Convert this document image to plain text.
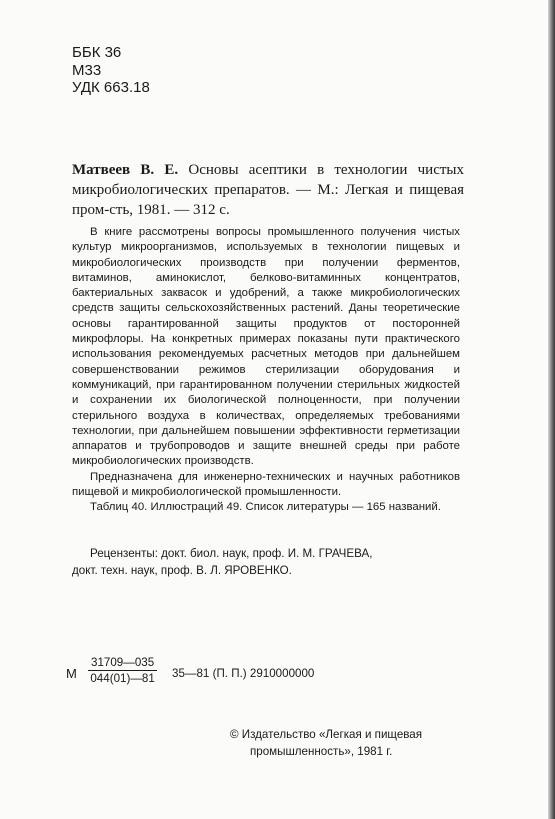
ББК 36
М33
УДК 663.18
Матвеев В. Е. Основы асептики в технологии чистых микробиологических препаратов. — М.: Легкая и пищевая пром-сть, 1981. — 312 с.

В книге рассмотрены вопросы промышленного получения чистых культур микроорганизмов, используемых в технологии пищевых и микробиологических производств при получении ферментов, витаминов, аминокислот, белково-витаминных концентратов, бактериальных заквасок и удобрений, а также микробиологических средств защиты сельскохозяйственных растений. Даны теоретические основы гарантированной защиты продуктов от посторонней микрофлоры. На конкретных примерах показаны пути практического использования рекомендуемых расчетных методов при дальнейшем совершенствовании режимов стерилизации оборудования и коммуникаций, при гарантированном получении стерильных жидкостей и сохранении их биологической полноценности, при получении стерильного воздуха в количествах, определяемых требованиями технологии, при дальнейшем повышении эффективности герметизации аппаратов и трубопроводов и защите внешней среды при работе микробиологических производств.

Предназначена для инженерно-технических и научных работников пищевой и микробиологической промышленности.

Таблиц 40. Иллюстраций 49. Список литературы — 165 названий.

Рецензенты: докт. биол. наук, проф. И. М. ГРАЧЕВА,

докт. техн. наук, проф. В. Л. ЯРОВЕНКО.
М $\frac{31709—035}{044(01)—81}$ 35—81 (П. П.) 2910000000
© Издательство «Легкая и пищевая
промышленность», 1981 г.
